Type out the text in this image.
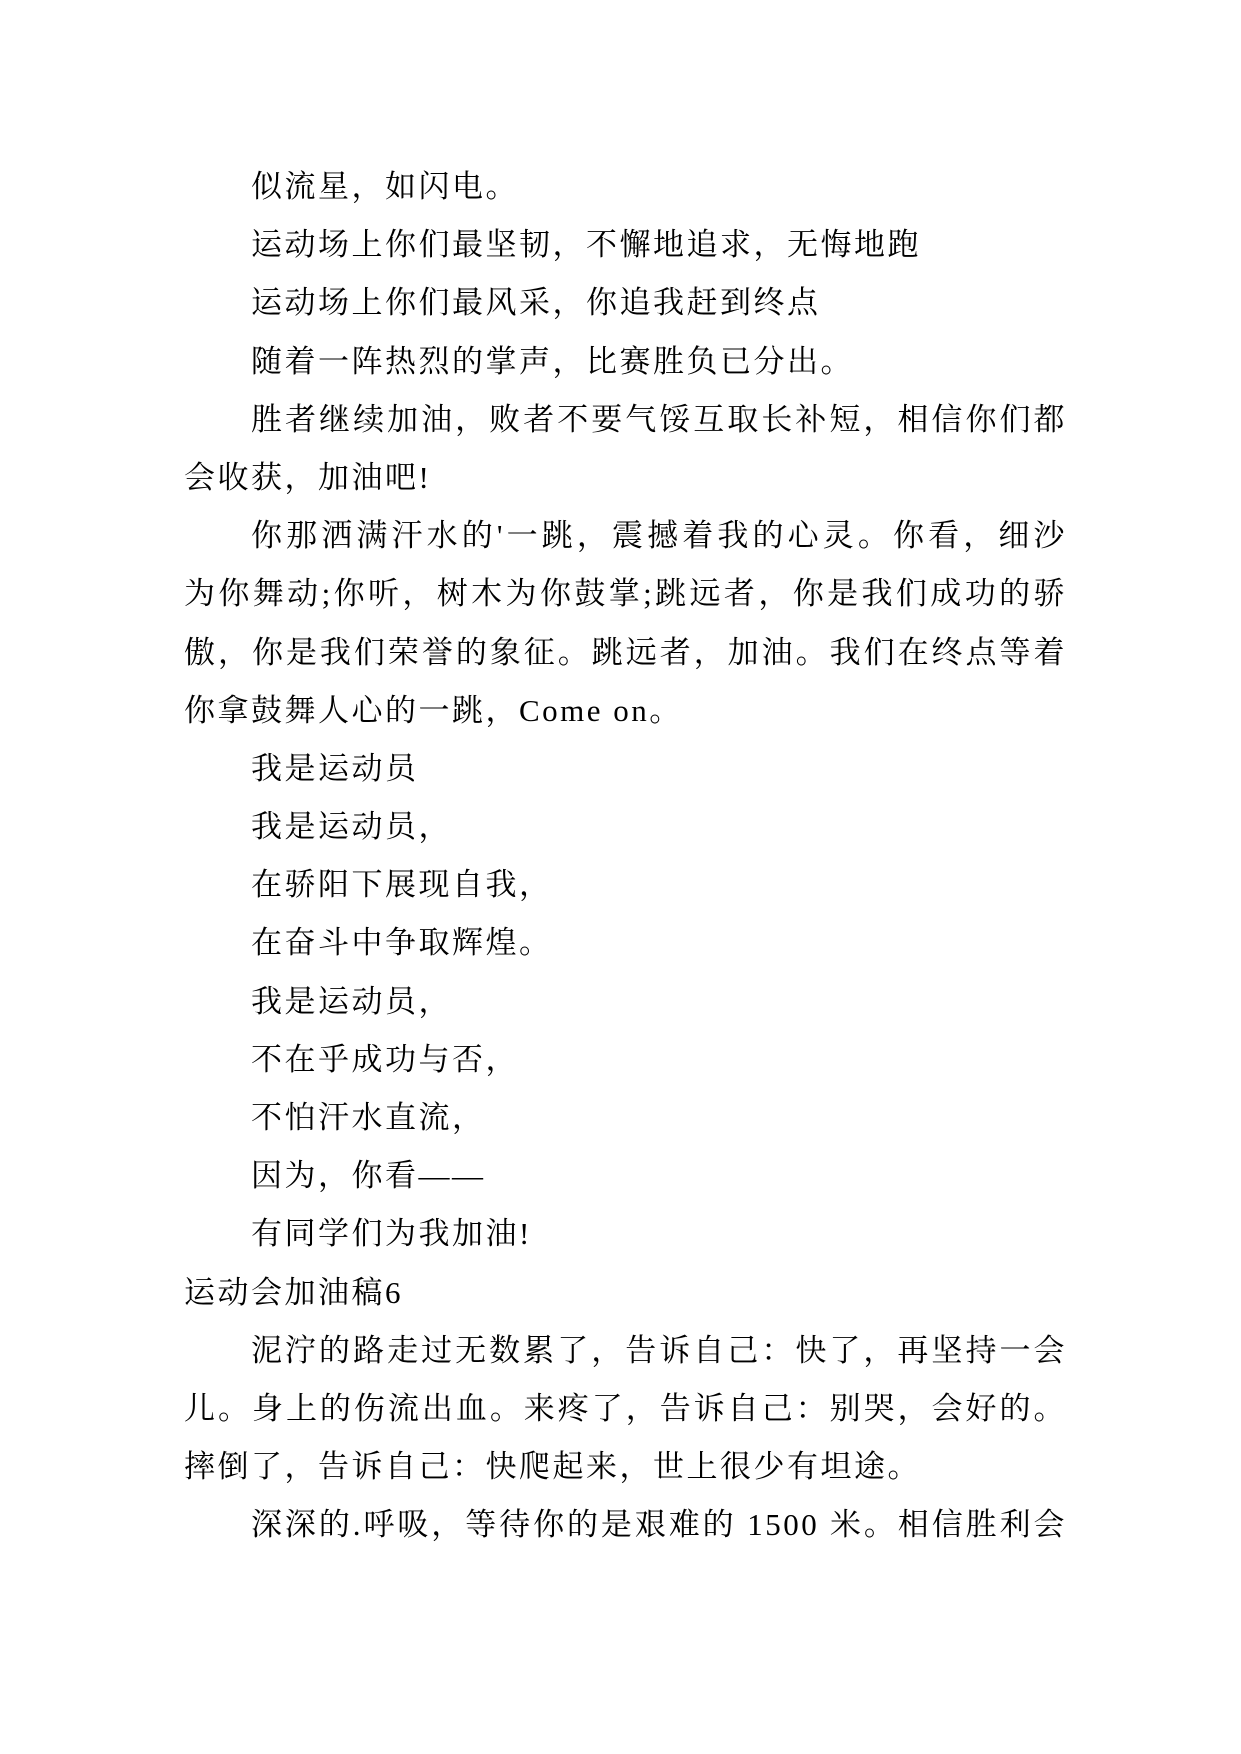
似流星，如闪电。
运动场上你们最坚韧，不懈地追求，无悔地跑
运动场上你们最风采，你追我赶到终点
随着一阵热烈的掌声，比赛胜负已分出。
胜者继续加油，败者不要气馁互取长补短，相信你们都
会收获，加油吧!
你那洒满汗水的'一跳，震撼着我的心灵。你看，细沙
为你舞动;你听，树木为你鼓掌;跳远者，你是我们成功的骄
傲，你是我们荣誉的象征。跳远者，加油。我们在终点等着
你拿鼓舞人心的一跳，Come on。
我是运动员
我是运动员，
在骄阳下展现自我，
在奋斗中争取辉煌。
我是运动员，
不在乎成功与否，
不怕汗水直流，
因为，你看——
有同学们为我加油!
运动会加油稿6
泥泞的路走过无数累了，告诉自己：快了，再坚持一会
儿。身上的伤流出血。来疼了，告诉自己：别哭，会好的。
摔倒了，告诉自己：快爬起来，世上很少有坦途。
深深的.呼吸，等待你的是艰难的 1500 米。相信胜利会
